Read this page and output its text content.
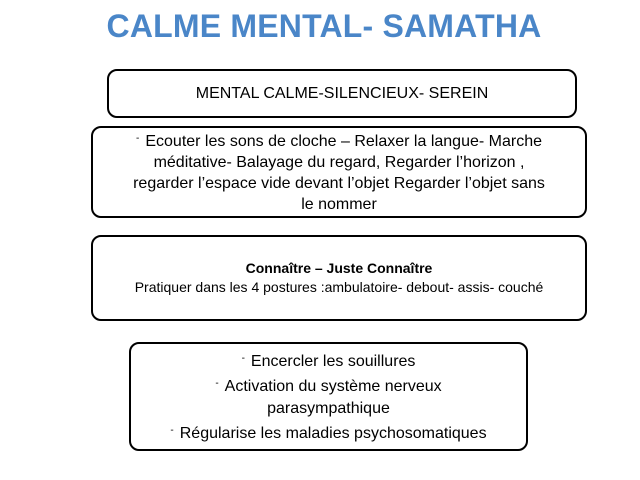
CALME MENTAL- SAMATHA
MENTAL CALME-SILENCIEUX- SEREIN
- Ecouter les sons de cloche – Relaxer la langue- Marche
méditative- Balayage du regard, Regarder l’horizon ,
regarder l’espace vide devant l’objet Regarder l’objet sans
le nommer
Connaître – Juste Connaître
Pratiquer dans les 4 postures :ambulatoire- debout- assis- couché
- Encercler les souillures
- Activation du système nerveux
parasympathique
- Régularise les maladies psychosomatiques
